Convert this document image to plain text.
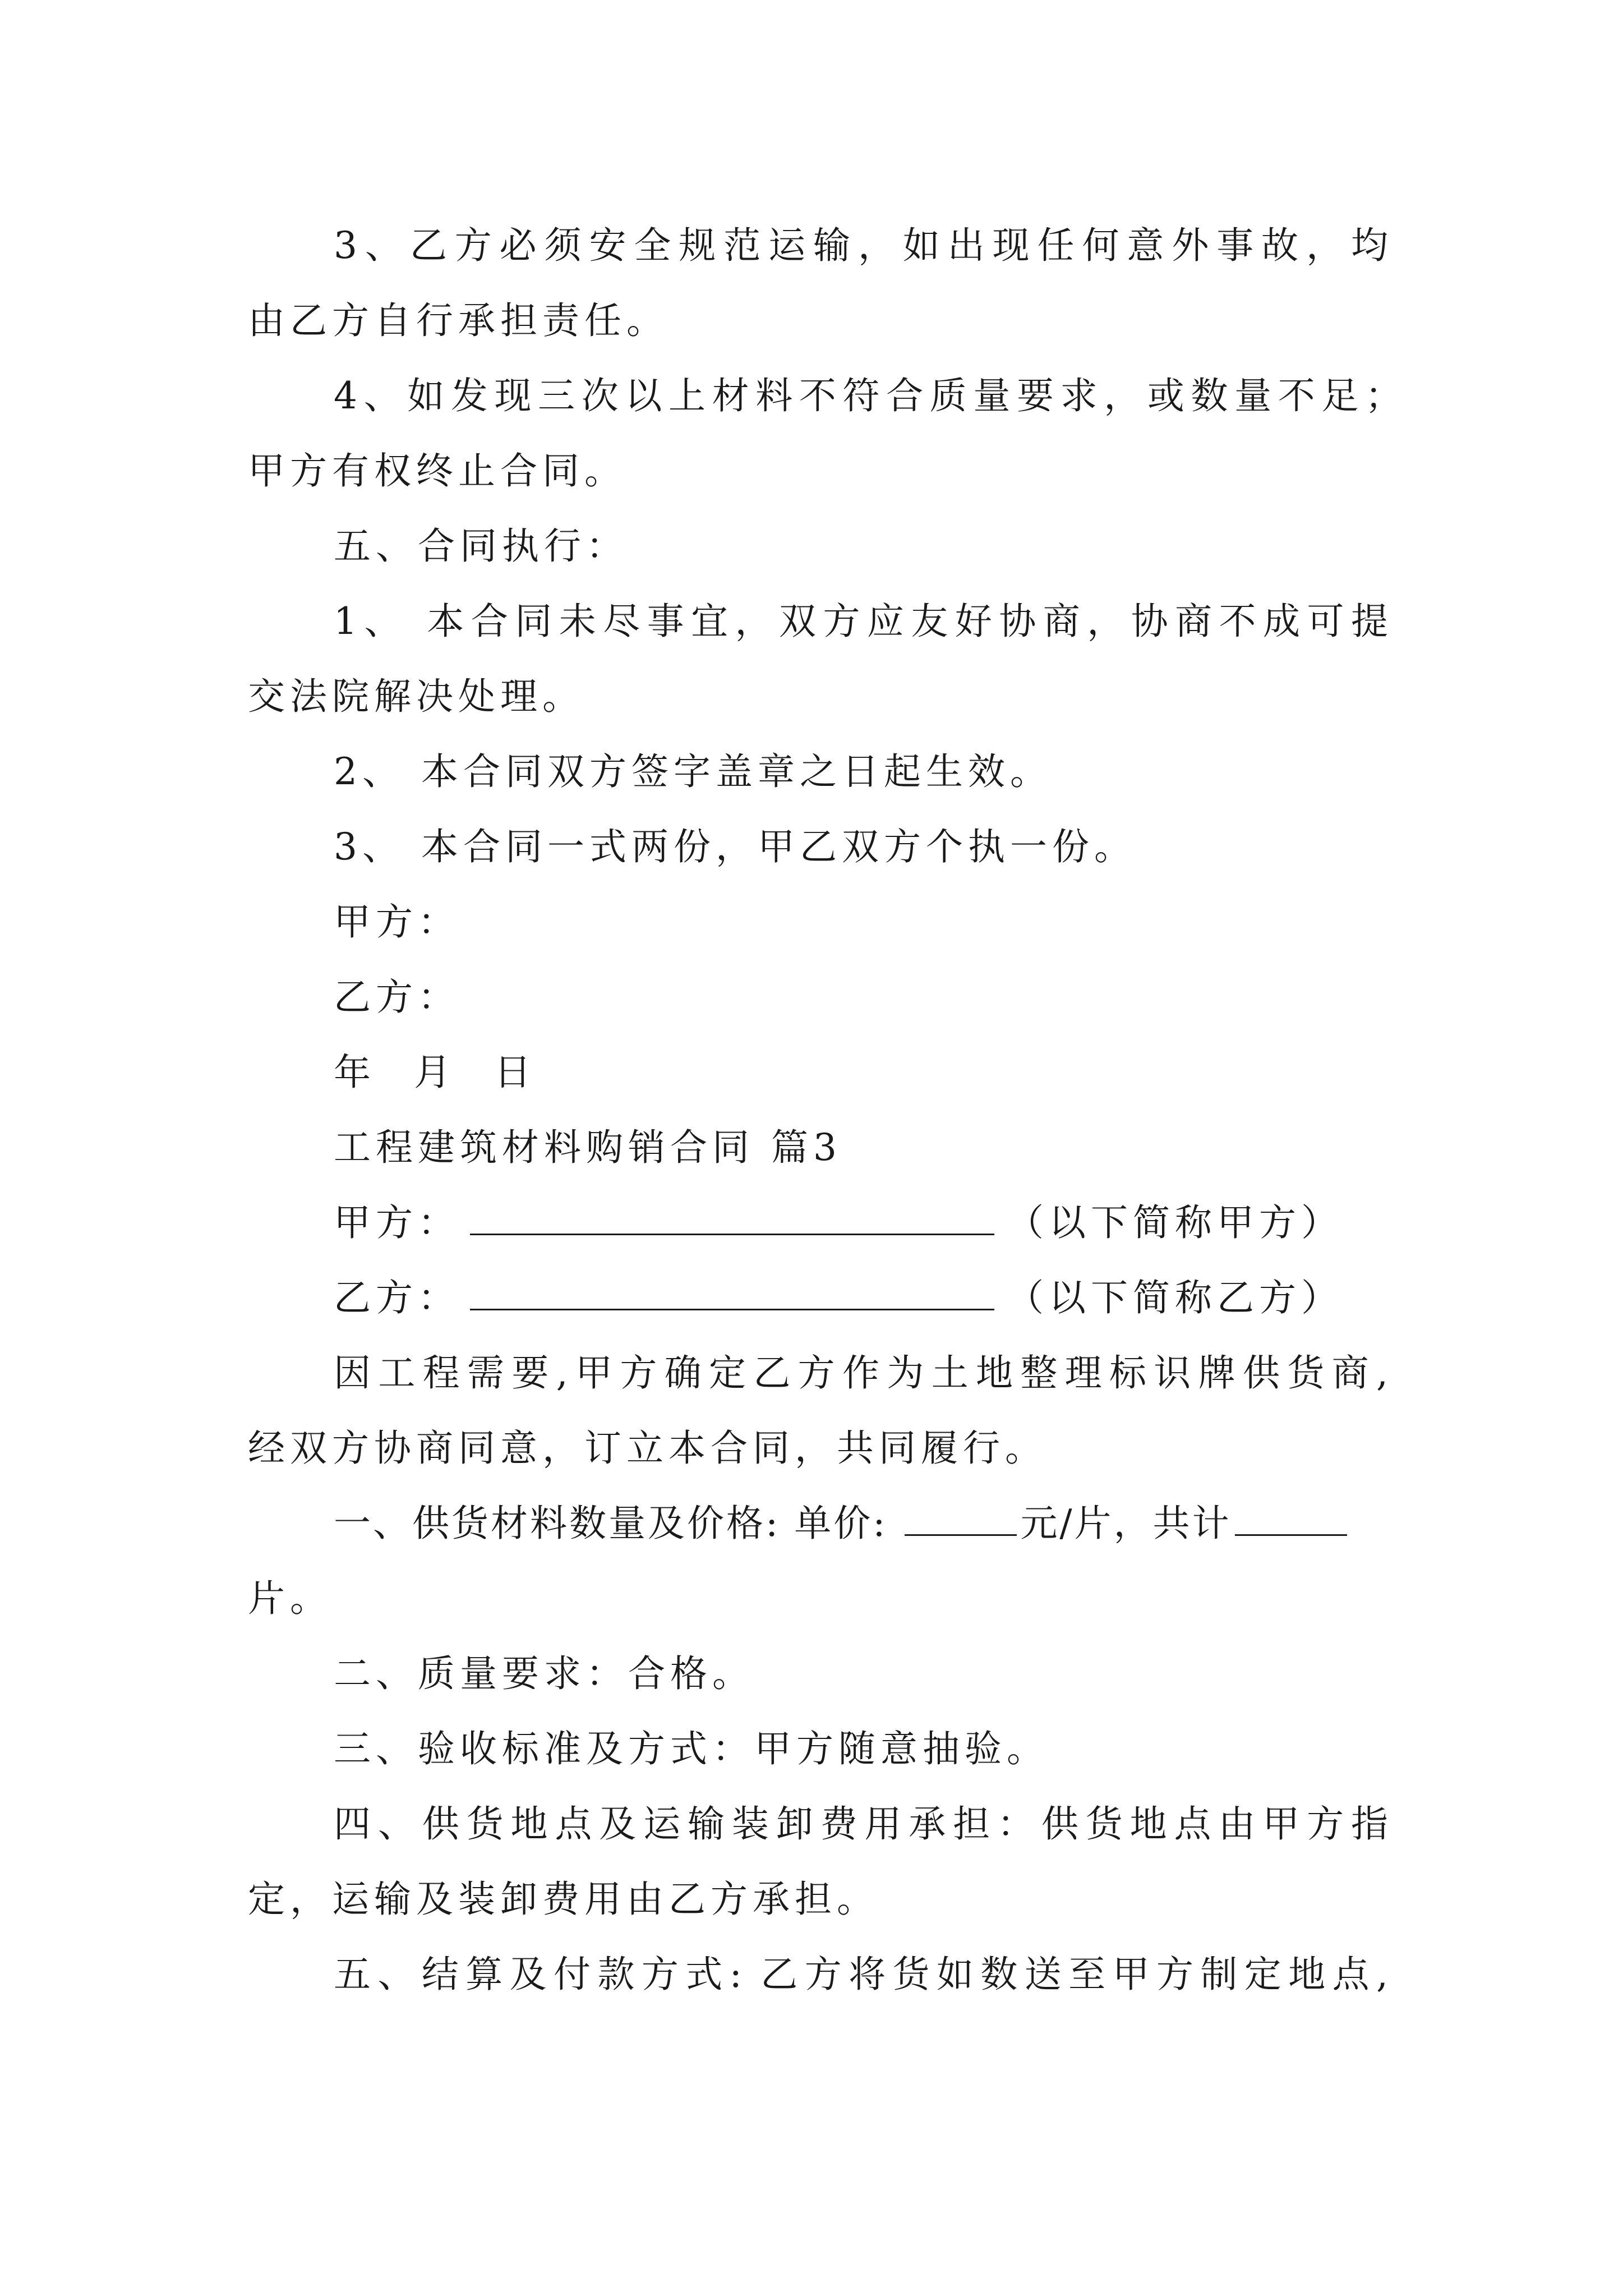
3、乙方必须安全规范运输，如出现任何意外事故，均
由乙方自行承担责任。
4、如发现三次以上材料不符合质量要求，或数量不足；
甲方有权终止合同。
五、合同执行：
1、 本合同未尽事宜，双方应友好协商，协商不成可提
交法院解决处理。
2、 本合同双方签字盖章之日起生效。
3、 本合同一式两份，甲乙双方个执一份。
甲方：
乙方：
年 月 日
工程建筑材料购销合同 篇3
甲方：	（以下简称甲方）
乙方：	（以下简称乙方）
因工程需要,甲方确定乙方作为土地整理标识牌供货商,
经双方协商同意，订立本合同，共同履行。
一、供货材料数量及价格: 单价:	元/片，共计
片。
二、质量要求：合格。
三、验收标准及方式：甲方随意抽验。
四、供货地点及运输装卸费用承担：供货地点由甲方指
定，运输及装卸费用由乙方承担。
五、结算及付款方式: 乙方将货如数送至甲方制定地点,
